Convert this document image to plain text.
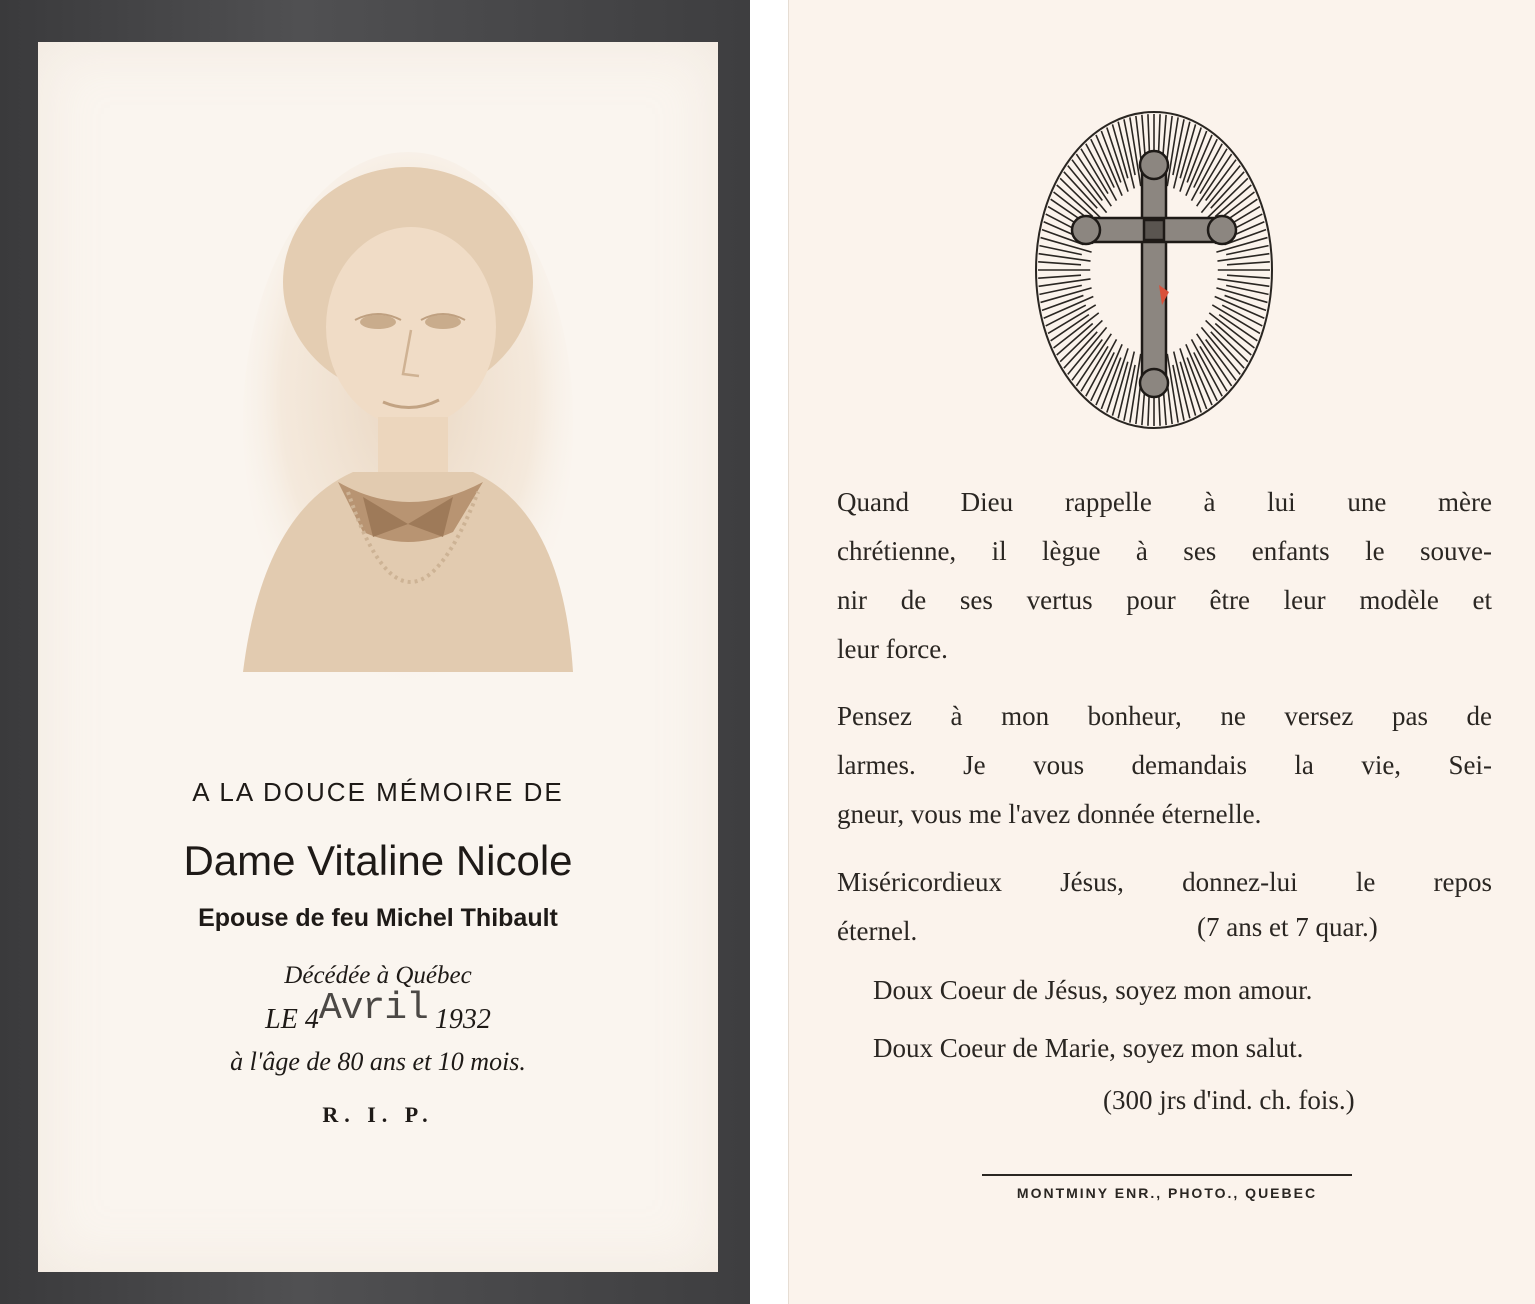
A LA DOUCE MÉMOIRE DE
Dame Vitaline Nicole
Epouse de feu Michel Thibault
Décédée à Québec
LE 4Avril 1932
à l'âge de 80 ans et 10 mois.
R. I. P.
Quand Dieu rappelle à lui une mère
chrétienne, il lègue à ses enfants le souve-
nir de ses vertus pour être leur modèle et
leur force.
Pensez à mon bonheur, ne versez pas de
larmes. Je vous demandais la vie, Sei-
gneur, vous me l'avez donnée éternelle.
Miséricordieux Jésus, donnez-lui le repos
éternel.	(7 ans et 7 quar.)
Doux Coeur de Jésus, soyez mon amour.
Doux Coeur de Marie, soyez mon salut.
(300 jrs d'ind. ch. fois.)
MONTMINY ENR., PHOTO., QUEBEC
